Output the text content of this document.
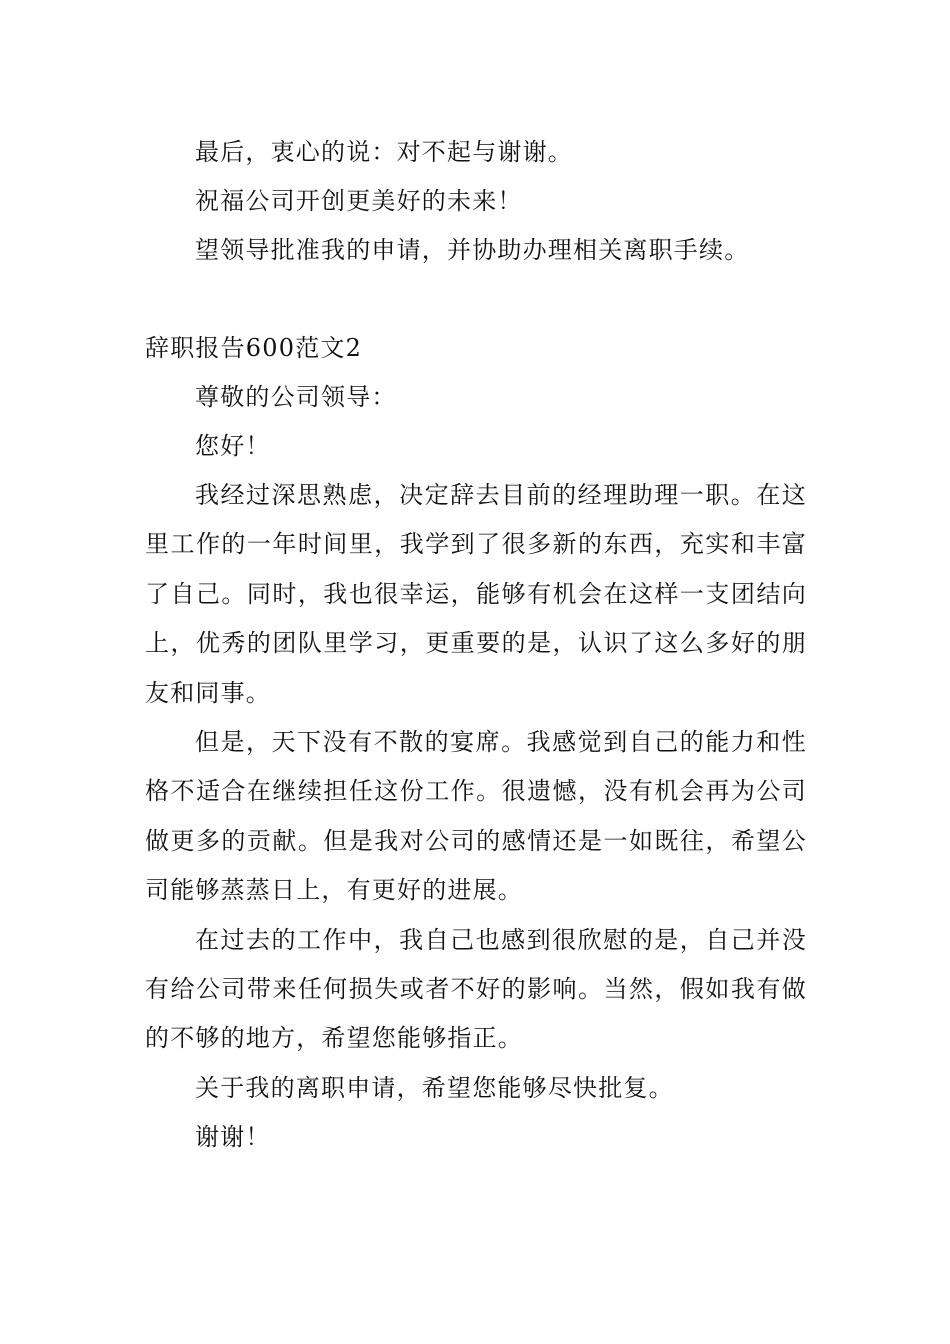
最后，衷心的说：对不起与谢谢。
祝福公司开创更美好的未来！
望领导批准我的申请，并协助办理相关离职手续。
辞职报告600范文2
尊敬的公司领导：
您好！

我经过深思熟虑，决定辞去目前的经理助理一职。在这里工作的一年时间里，我学到了很多新的东西，充实和丰富了自己。同时，我也很幸运，能够有机会在这样一支团结向上，优秀的团队里学习，更重要的是，认识了这么多好的朋友和同事。

但是，天下没有不散的宴席。我感觉到自己的能力和性格不适合在继续担任这份工作。很遗憾，没有机会再为公司做更多的贡献。但是我对公司的感情还是一如既往，希望公司能够蒸蒸日上，有更好的进展。

在过去的工作中，我自己也感到很欣慰的是，自己并没有给公司带来任何损失或者不好的影响。当然，假如我有做的不够的地方，希望您能够指正。

关于我的离职申请，希望您能够尽快批复。
谢谢！
